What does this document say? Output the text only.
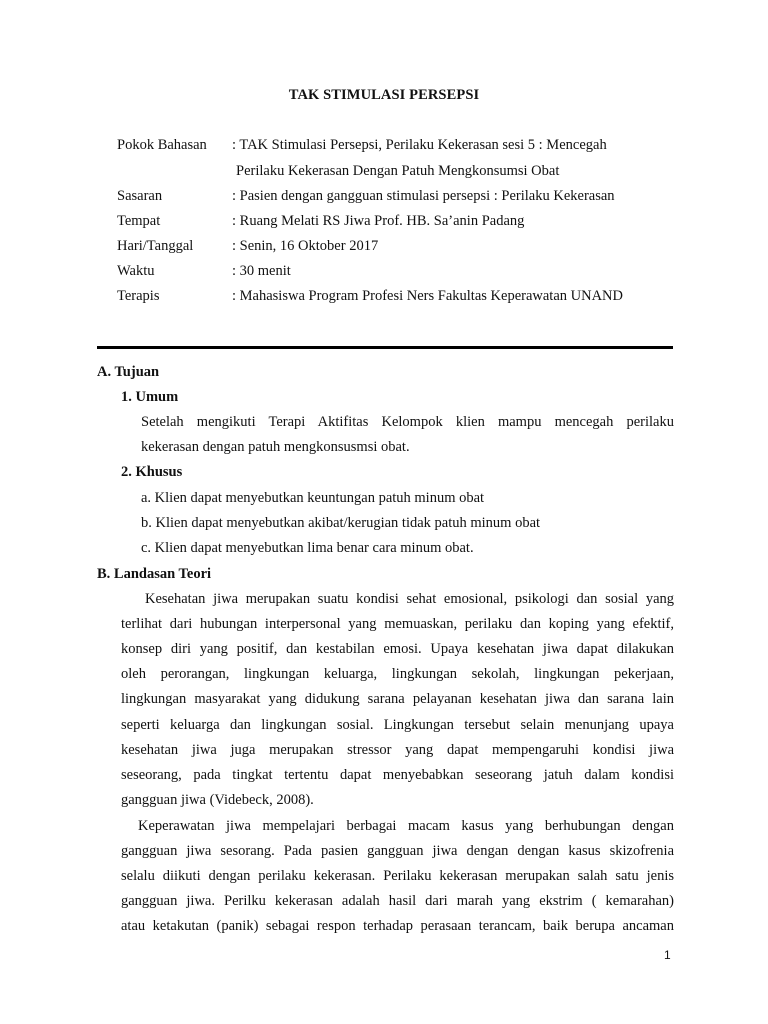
TAK STIMULASI PERSEPSI
Pokok Bahasan : TAK Stimulasi Persepsi, Perilaku Kekerasan sesi 5 : Mencegah
Perilaku Kekerasan Dengan Patuh Mengkonsumsi Obat
Sasaran	: Pasien dengan gangguan stimulasi persepsi : Perilaku Kekerasan
Tempat	: Ruang Melati RS Jiwa Prof. HB. Sa’anin Padang
Hari/Tanggal	: Senin, 16 Oktober 2017
Waktu	: 30 menit
Terapis	: Mahasiswa Program Profesi Ners Fakultas Keperawatan UNAND
A. Tujuan
1. Umum
Setelah mengikuti Terapi Aktifitas Kelompok klien mampu mencegah perilaku
kekerasan dengan patuh mengkonsusmsi obat.
2. Khusus
a. Klien dapat menyebutkan keuntungan patuh minum obat
b. Klien dapat menyebutkan akibat/kerugian tidak patuh minum obat
c. Klien dapat menyebutkan lima benar cara minum obat.
B. Landasan Teori
Kesehatan jiwa merupakan suatu kondisi sehat emosional, psikologi dan sosial yang
terlihat dari hubungan interpersonal yang memuaskan, perilaku dan koping yang efektif,
konsep diri yang positif, dan kestabilan emosi. Upaya kesehatan jiwa dapat dilakukan
oleh perorangan, lingkungan keluarga, lingkungan sekolah, lingkungan pekerjaan,
lingkungan masyarakat yang didukung sarana pelayanan kesehatan jiwa dan sarana lain
seperti keluarga dan lingkungan sosial. Lingkungan tersebut selain menunjang upaya
kesehatan jiwa juga merupakan stressor yang dapat mempengaruhi kondisi jiwa
seseorang, pada tingkat tertentu dapat menyebabkan seseorang jatuh dalam kondisi
gangguan jiwa (Videbeck, 2008).
Keperawatan jiwa mempelajari berbagai macam kasus yang berhubungan dengan
gangguan jiwa sesorang. Pada pasien gangguan jiwa dengan dengan kasus skizofrenia
selalu diikuti dengan perilaku kekerasan. Perilaku kekerasan merupakan salah satu jenis
gangguan jiwa. Perilku kekerasan adalah hasil dari marah yang ekstrim ( kemarahan)
atau ketakutan (panik) sebagai respon terhadap perasaan terancam, baik berupa ancaman
1
